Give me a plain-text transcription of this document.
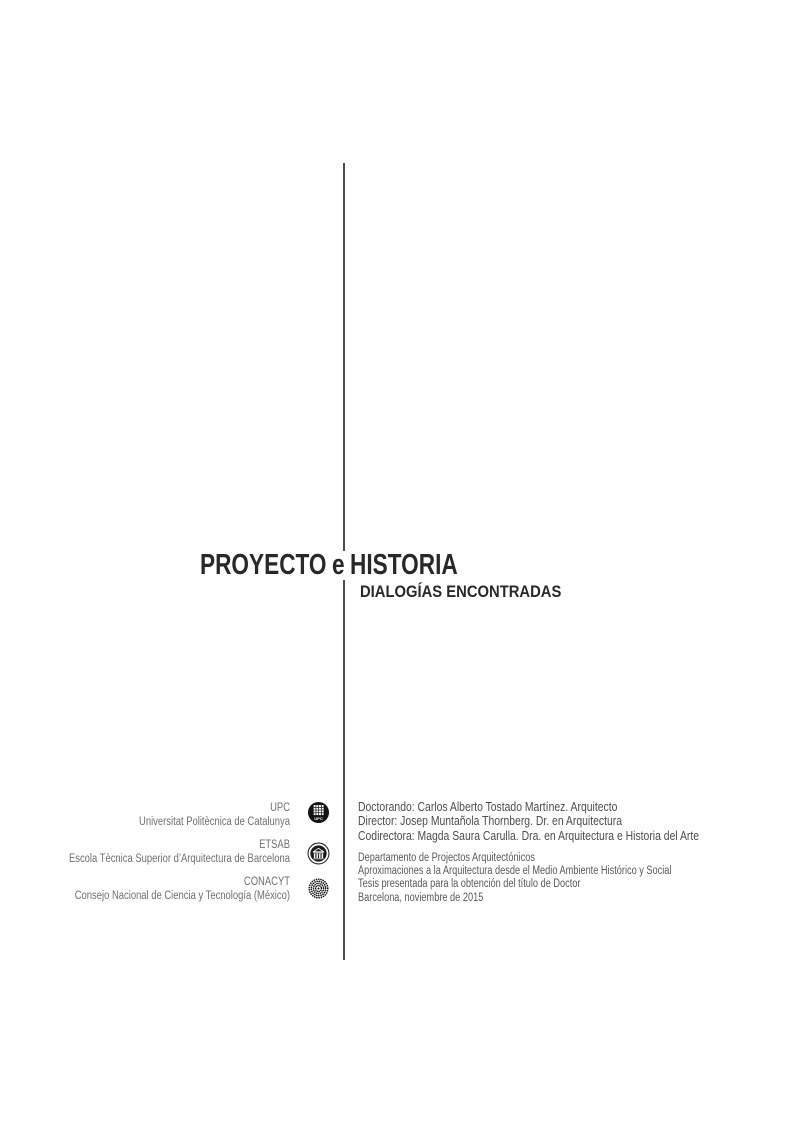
PROYECTO e HISTORIA
DIALOGÍAS ENCONTRADAS
UPC
Universitat Politècnica de Catalunya
ETSAB
Escola Tècnica Superior d’Arquitectura de Barcelona
CONACYT
Consejo Nacional de Ciencia y Tecnología (México)
UPC
Doctorando: Carlos Alberto Tostado Martínez. Arquitecto
Director: Josep Muntañola Thornberg. Dr. en Arquitectura
Codirectora: Magda Saura Carulla. Dra. en Arquitectura e Historia del Arte
Departamento de Projectos Arquitectónicos
Aproximaciones a la Arquitectura desde el Medio Ambiente Histórico y Social
Tesis presentada para la obtención del título de Doctor
Barcelona, noviembre de 2015
